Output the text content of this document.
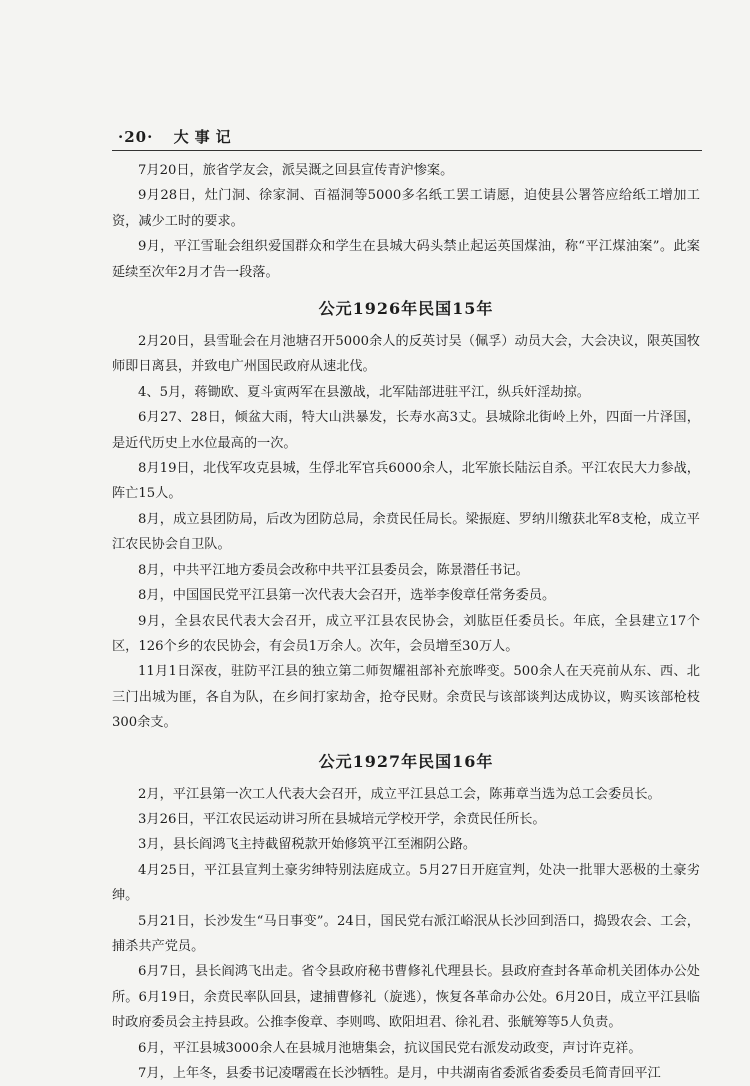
·20· 大事记

7月20日，旅省学友会，派吴溉之回县宣传青沪惨案。

9月28日，灶门洞、徐家洞、百福洞等5000多名纸工罢工请愿，迫使县公署答应给纸工增加工资，减少工时的要求。

9月，平江雪耻会组织爱国群众和学生在县城大码头禁止起运英国煤油，称“平江煤油案”。此案延续至次年2月才告一段落。

公元1926年民国15年

2月20日，县雪耻会在月池塘召开5000余人的反英讨吴（佩孚）动员大会，大会决议，限英国牧师即日离县，并致电广州国民政府从速北伐。

4、5月，蒋锄欧、夏斗寅两军在县激战，北军陆部进驻平江，纵兵奸淫劫掠。

6月27、28日，倾盆大雨，特大山洪暴发，长寿水高3丈。县城除北街岭上外，四面一片泽国，是近代历史上水位最高的一次。

8月19日，北伐军攻克县城，生俘北军官兵6000余人，北军旅长陆沄自杀。平江农民大力参战，阵亡15人。

8月，成立县团防局，后改为团防总局，余贲民任局长。梁振庭、罗纳川缴获北军8支枪，成立平江农民协会自卫队。

8月，中共平江地方委员会改称中共平江县委员会，陈景潜任书记。

8月，中国国民党平江县第一次代表大会召开，选举李俊章任常务委员。

9月，全县农民代表大会召开，成立平江县农民协会，刘肱臣任委员长。年底，全县建立17个区，126个乡的农民协会，有会员1万余人。次年，会员增至30万人。

11月1日深夜，驻防平江县的独立第二师贺耀祖部补充旅哗变。500余人在天亮前从东、西、北三门出城为匪，各自为队，在乡间打家劫舍，抢夺民财。余贲民与该部谈判达成协议，购买该部枪枝300余支。

公元1927年民国16年

2月，平江县第一次工人代表大会召开，成立平江县总工会，陈茀章当选为总工会委员长。

3月26日，平江农民运动讲习所在县城培元学校开学，余贲民任所长。

3月，县长阎鸿飞主持截留税款开始修筑平江至湘阴公路。

4月25日，平江县宣判土豪劣绅特别法庭成立。5月27日开庭宣判，处决一批罪大恶极的土豪劣绅。

5月21日，长沙发生“马日事变”。24日，国民党右派江峪泯从长沙回到浯口，捣毁农会、工会，捕杀共产党员。

6月7日，县长阎鸿飞出走。省令县政府秘书曹修礼代理县长。县政府查封各革命机关团体办公处所。6月19日，余贲民率队回县，逮捕曹修礼（旋逃），恢复各革命办公处。6月20日，成立平江县临时政府委员会主持县政。公推李俊章、李则鸣、欧阳坦君、徐礼君、张觥筹等5人负责。

6月，平江县城3000余人在县城月池塘集会，抗议国民党右派发动政变，声讨许克祥。

7月，上年冬，县委书记凌曙霞在长沙牺牲。是月，中共湖南省委派省委委员毛简青回平江
